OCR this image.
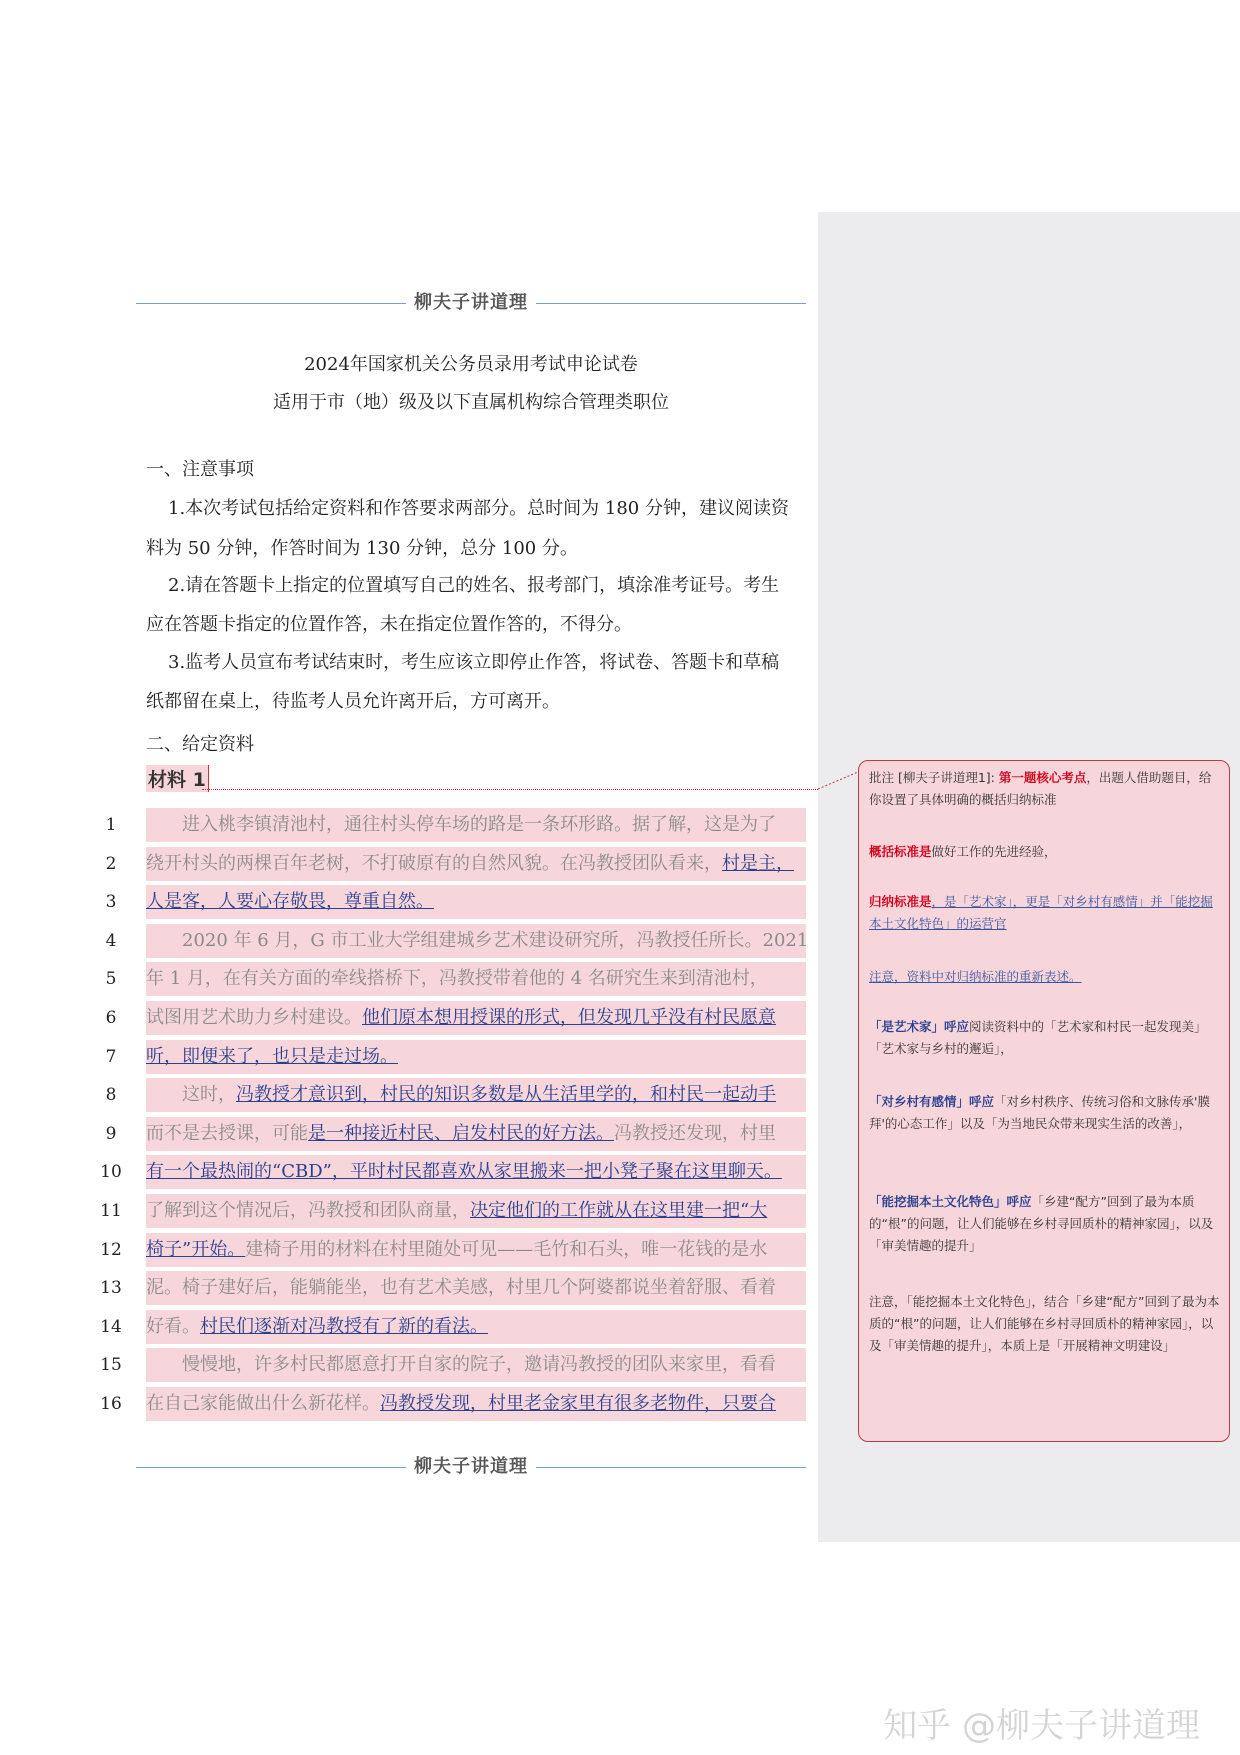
柳夫子讲道理
2024年国家机关公务员录用考试申论试卷
适用于市（地）级及以下直属机构综合管理类职位
一、注意事项
1.本次考试包括给定资料和作答要求两部分。总时间为 180 分钟，建议阅读资
料为 50 分钟，作答时间为 130 分钟，总分 100 分。
2.请在答题卡上指定的位置填写自己的姓名、报考部门，填涂准考证号。考生
应在答题卡指定的位置作答，未在指定位置作答的，不得分。
3.监考人员宣布考试结束时，考生应该立即停止作答，将试卷、答题卡和草稿
纸都留在桌上，待监考人员允许离开后，方可离开。
二、给定资料
材料 1
1	进入桃李镇清池村，通往村头停车场的路是一条环形路。据了解，这是为了
2	绕开村头的两棵百年老树，不打破原有的自然风貌。在冯教授团队看来，村是主，
3	人是客，人要心存敬畏，尊重自然。
4	2020 年 6 月，G 市工业大学组建城乡艺术建设研究所，冯教授任所长。2021
5	年 1 月，在有关方面的牵线搭桥下，冯教授带着他的 4 名研究生来到清池村，
6	试图用艺术助力乡村建设。他们原本想用授课的形式，但发现几乎没有村民愿意
7	听，即便来了，也只是走过场。
8	这时，冯教授才意识到，村民的知识多数是从生活里学的，和村民一起动手
9	而不是去授课，可能是一种接近村民、启发村民的好方法。冯教授还发现，村里
10 有一个最热闹的“CBD”，平时村民都喜欢从家里搬来一把小凳子聚在这里聊天。
11 了解到这个情况后，冯教授和团队商量，决定他们的工作就从在这里建一把“大
12 椅子”开始。建椅子用的材料在村里随处可见——毛竹和石头，唯一花钱的是水
13 泥。椅子建好后，能躺能坐，也有艺术美感，村里几个阿婆都说坐着舒服、看着
14 好看。村民们逐渐对冯教授有了新的看法。
15	慢慢地，许多村民都愿意打开自家的院子，邀请冯教授的团队来家里，看看
16 在自己家能做出什么新花样。冯教授发现，村里老金家里有很多老物件，只要合
批注 [柳夫子讲道理1]: 第一题核心考点，出题人借助题目，给你设置了具体明确的概括归纳标准
概括标准是做好工作的先进经验，
归纳标准是，是「艺术家」，更是「对乡村有感情」并「能挖掘本土文化特色」的运营官
注意，资料中对归纳标准的重新表述。
「是艺术家」呼应阅读资料中的「艺术家和村民一起发现美」「艺术家与乡村的邂逅」，
「对乡村有感情」呼应「对乡村秩序、传统习俗和文脉传承'膜拜'的心态工作」以及「为当地民众带来现实生活的改善」，
「能挖掘本土文化特色」呼应「乡建“配方”回到了最为本质的“根”的问题，让人们能够在乡村寻回质朴的精神家园」，以及「审美情趣的提升」
注意，「能挖掘本土文化特色」，结合「乡建“配方”回到了最为本质的“根”的问题，让人们能够在乡村寻回质朴的精神家园」，以及「审美情趣的提升」，本质上是「开展精神文明建设」
柳夫子讲道理
知乎 @柳夫子讲道理
